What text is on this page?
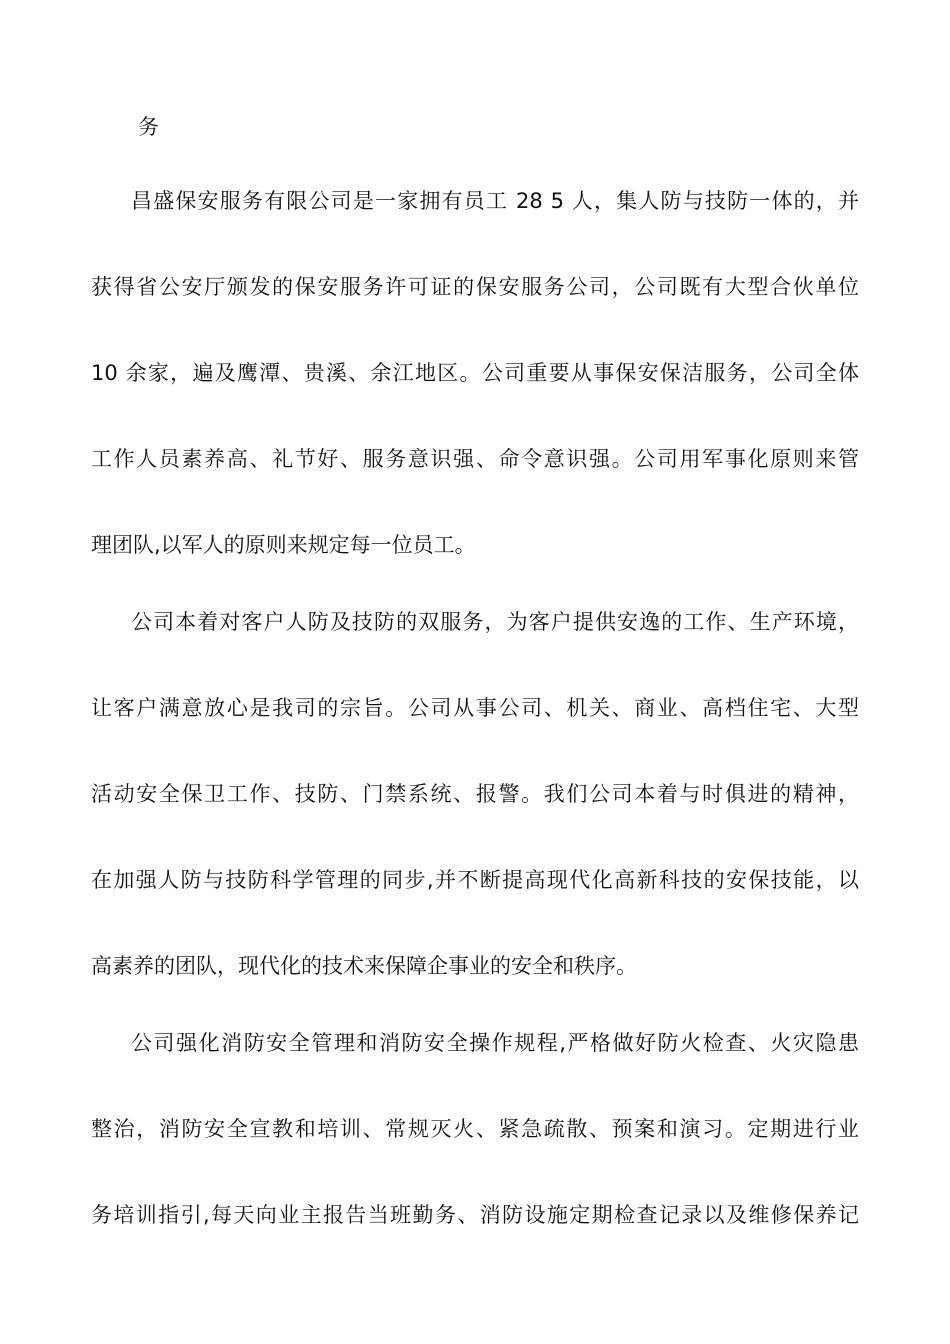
务
昌盛保安服务有限公司是一家拥有员工 28 5 人，集人防与技防一体的，并
获得省公安厅颁发的保安服务许可证的保安服务公司，公司既有大型合伙单位
10 余家，遍及鹰潭、贵溪、余江地区。公司重要从事保安保洁服务，公司全体
工作人员素养高、礼节好、服务意识强、命令意识强。公司用军事化原则来管
理团队,以军人的原则来规定每一位员工。
公司本着对客户人防及技防的双服务，为客户提供安逸的工作、生产环境，
让客户满意放心是我司的宗旨。公司从事公司、机关、商业、高档住宅、大型
活动安全保卫工作、技防、门禁系统、报警。我们公司本着与时俱进的精神，
在加强人防与技防科学管理的同步,并不断提高现代化高新科技的安保技能，以
高素养的团队，现代化的技术来保障企事业的安全和秩序。
公司强化消防安全管理和消防安全操作规程,严格做好防火检查、火灾隐患
整治，消防安全宣教和培训、常规灭火、紧急疏散、预案和演习。定期进行业
务培训指引,每天向业主报告当班勤务、消防设施定期检查记录以及维修保养记
